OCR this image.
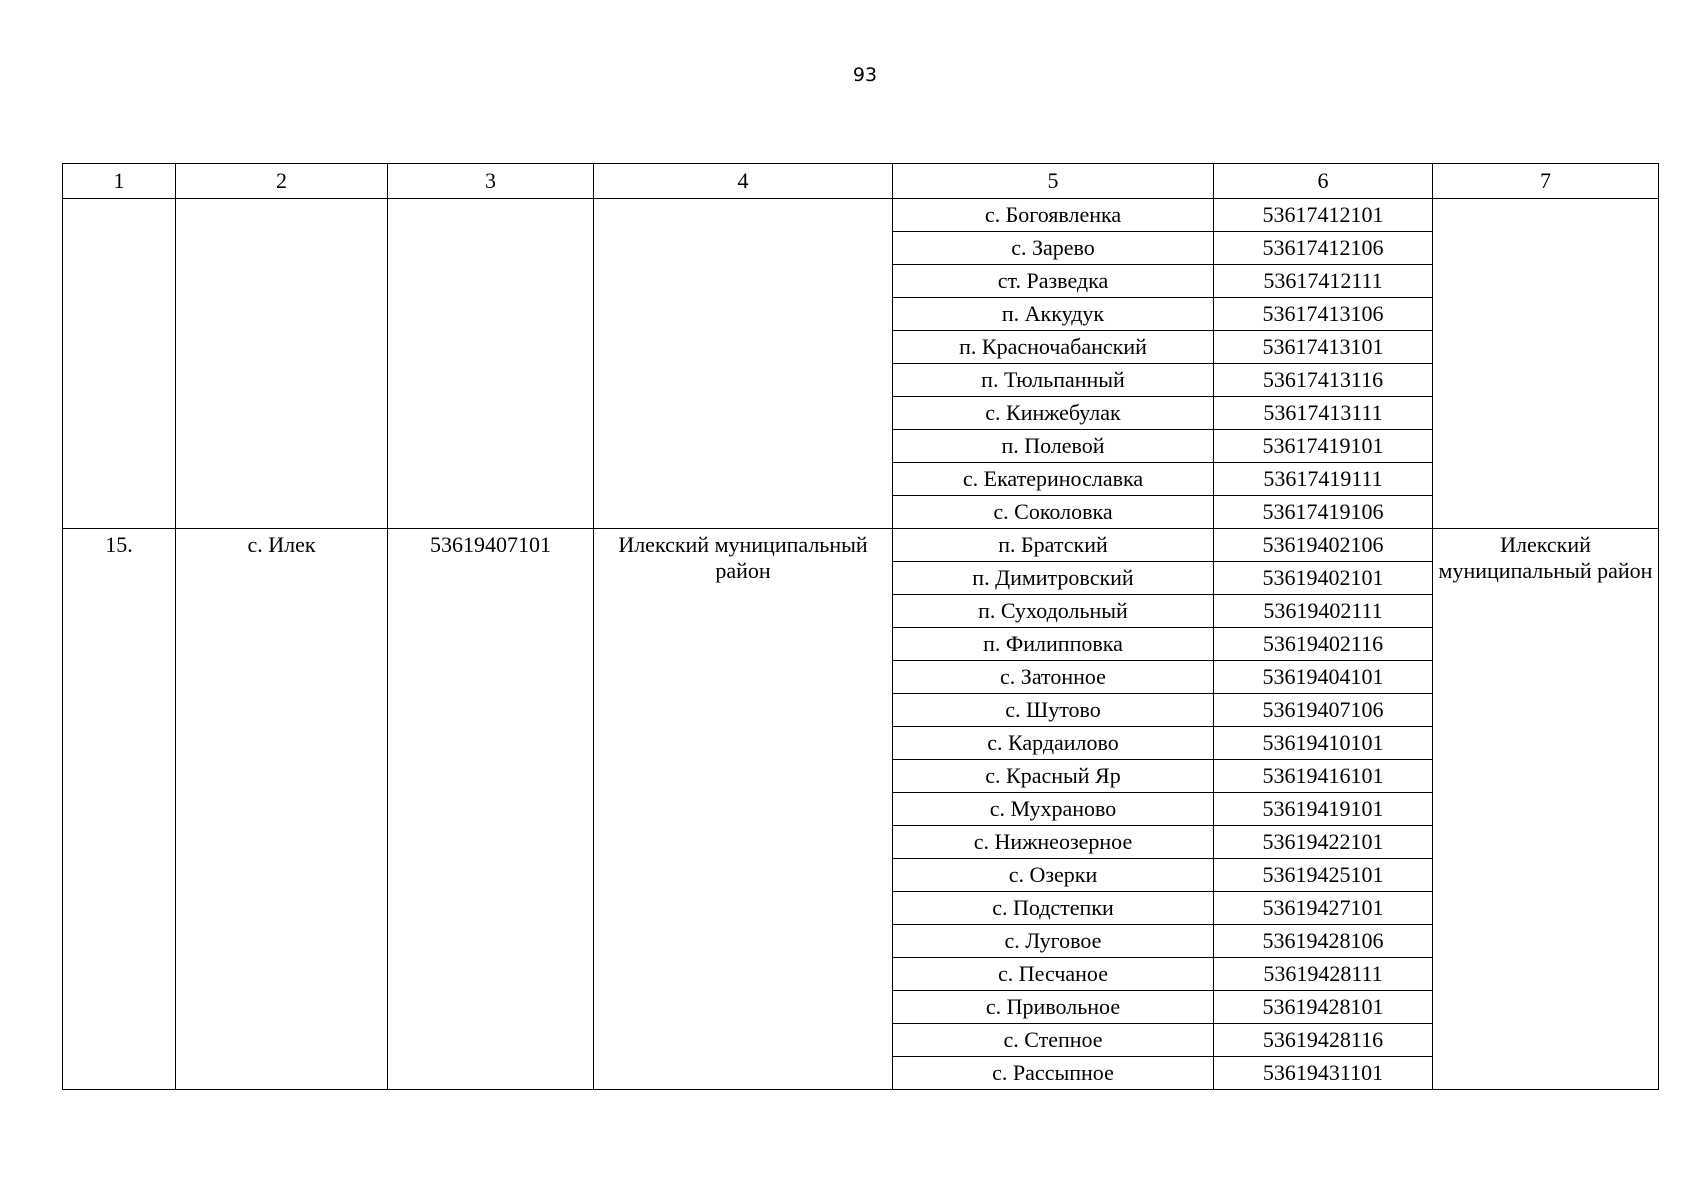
93
1	2	3	4	5	6	7
				с. Богоявленка	53617412101	
				с. Зарево	53617412106	
				ст. Разведка	53617412111	
				п. Аккудук	53617413106	
				п. Красночабанский	53617413101	
				п. Тюльпанный	53617413116	
				с. Кинжебулак	53617413111	
				п. Полевой	53617419101	
				с. Екатеринославка	53617419111	
				с. Соколовка	53617419106	
15.	с. Илек	53619407101	Илекский муниципальный район	п. Братский	53619402106	Илекский муниципальный район
				п. Димитровский	53619402101	
				п. Суходольный	53619402111	
				п. Филипповка	53619402116	
				с. Затонное	53619404101	
				с. Шутово	53619407106	
				с. Кардаилово	53619410101	
				с. Красный Яр	53619416101	
				с. Мухраново	53619419101	
				с. Нижнеозерное	53619422101	
				с. Озерки	53619425101	
				с. Подстепки	53619427101	
				с. Луговое	53619428106	
				с. Песчаное	53619428111	
				с. Привольное	53619428101	
				с. Степное	53619428116	
				с. Рассыпное	53619431101	
